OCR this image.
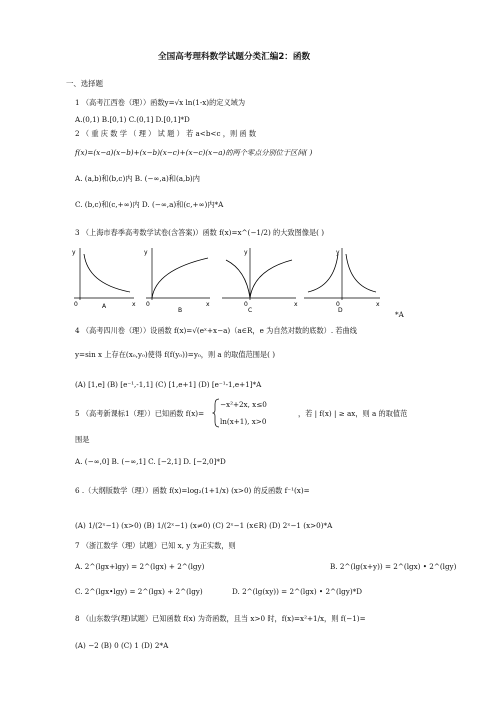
全国高考理科数学试题分类汇编2：函数
一、选择题
1 （高考江西卷（理））函数y=√x ln(1-x)的定义域为
A.(0,1) B.[0,1) C.(0,1] D.[0,1]*D
2 （ 重 庆 数 学 （ 理 ） 试 题 ） 若 a<b<c ，则 函 数
f(x)=(x−a)(x−b)+(x−b)(x−c)+(x−c)(x−a)的两个零点分别位于区间( )
A. (a,b)和(b,c)内 B. (−∞,a)和(a,b)内
C. (b,c)和(c,+∞)内 D. (−∞,a)和(c,+∞)内*A
3 （上海市春季高考数学试卷(含答案)）函数 f(x)=x^(−1/2) 的大致图像是( )
y
0	x
A
y
0	x
B
y
0	x
C
y
0	x
D	*A
4 （高考四川卷（理））设函数 f(x)=√(eˣ+x−a)（a∈R，e 为自然对数的底数）. 若曲线
y=sin x 上存在(x₀,y₀)使得 f(f(y₀))=y₀，则 a 的取值范围是( )
(A) [1,e] (B) [e⁻¹,-1,1] (C) [1,e+1] (D) [e⁻¹-1,e+1]*A
5 （高考新课标1（理））已知函数 f(x)=
−x²+2x, x≤0
ln(x+1), x>0
，若 | f(x) | ≥ ax，则 a 的取值范
围是
A. (−∞,0] B. (−∞,1] C. [−2,1] D. [−2,0]*D
6 .（大纲版数学（理））函数 f(x)=log₂(1+1/x) (x>0) 的反函数 f⁻¹(x)=
(A) 1/(2ˣ−1) (x>0) (B) 1/(2ˣ−1) (x≠0) (C) 2ˣ−1 (x∈R) (D) 2ˣ−1 (x>0)*A
7 （浙江数学（理）试题）已知 x, y 为正实数，则
A. 2^(lgx+lgy) = 2^(lgx) + 2^(lgy)	B. 2^(lg(x+y)) = 2^(lgx) • 2^(lgy)
C. 2^(lgx•lgy) = 2^(lgx) + 2^(lgy)	D. 2^(lg(xy)) = 2^(lgx) • 2^(lgy)*D
8 （山东数学(理)试题）已知函数 f(x) 为奇函数，且当 x>0 时，f(x)=x²+1/x，则 f(−1)=
(A) −2 (B) 0 (C) 1 (D) 2*A
